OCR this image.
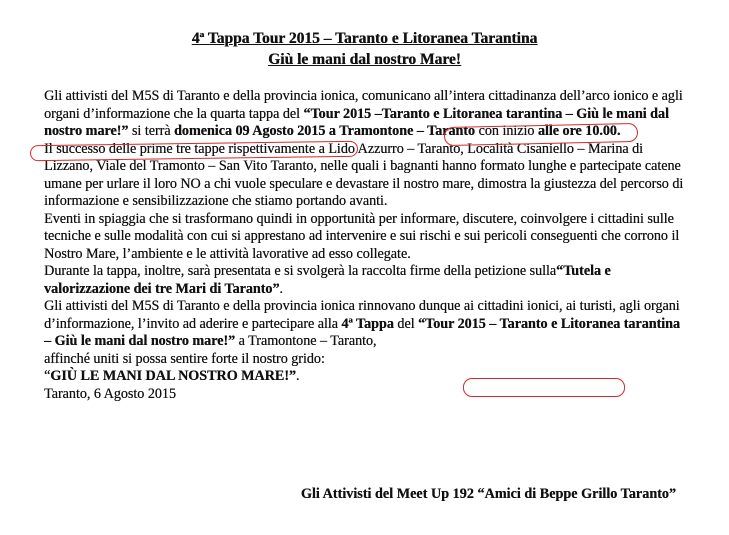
4ª Tappa Tour 2015 – Taranto e Litoranea Tarantina
Giù le mani dal nostro Mare!

Gli attivisti del M5S di Taranto e della provincia ionica, comunicano all’intera cittadinanza dell’arco ionico e agli organi d’informazione che la quarta tappa del “Tour 2015 –Taranto e Litoranea tarantina – Giù le mani dal nostro mare!” si terrà domenica 09 Agosto 2015 a Tramontone – Taranto con inizio alle ore 10.00.

Il successo delle prime tre tappe rispettivamente a Lido Azzurro – Taranto, Località Cisaniello – Marina di Lizzano, Viale del Tramonto – San Vito Taranto, nelle quali i bagnanti hanno formato lunghe e partecipate catene umane per urlare il loro NO a chi vuole speculare e devastare il nostro mare, dimostra la giustezza del percorso di informazione e sensibilizzazione che stiamo portando avanti.

Eventi in spiaggia che si trasformano quindi in opportunità per informare, discutere, coinvolgere i cittadini sulle tecniche e sulle modalità con cui si apprestano ad intervenire e sui rischi e sui pericoli conseguenti che corrono il Nostro Mare, l’ambiente e le attività lavorative ad esso collegate.

Durante la tappa, inoltre, sarà presentata e si svolgerà la raccolta firme della petizione sulla“Tutela e valorizzazione dei tre Mari di Taranto”.

Gli attivisti del M5S di Taranto e della provincia ionica rinnovano dunque ai cittadini ionici, ai turisti, agli organi d’informazione, l’invito ad aderire e partecipare alla 4ª Tappa del “Tour 2015 – Taranto e Litoranea tarantina – Giù le mani dal nostro mare!” a Tramontone – Taranto,
affinché uniti si possa sentire forte il nostro grido:

“GIÙ LE MANI DAL NOSTRO MARE!”.

Taranto, 6 Agosto 2015

Gli Attivisti del Meet Up 192 “Amici di Beppe Grillo Taranto”
